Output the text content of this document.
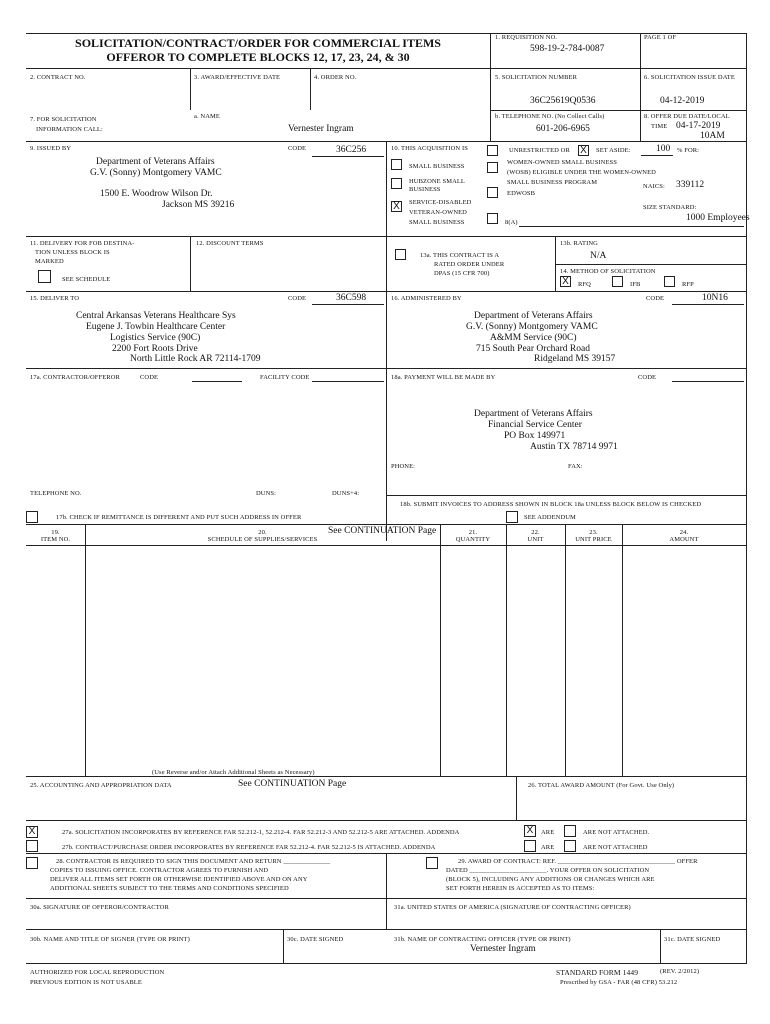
SOLICITATION/CONTRACT/ORDER FOR COMMERCIAL ITEMS
OFFEROR TO COMPLETE BLOCKS 12, 17, 23, 24, & 30
1. REQUISITION NO.
598-19-2-784-0087
PAGE 1 OF
2. CONTRACT NO.	3. AWARD/EFFECTIVE DATE	4. ORDER NO.	5. SOLICITATION NUMBER
36C25619Q0536
6. SOLICITATION ISSUE DATE
04-12-2019
7. FOR SOLICITATION
INFORMATION CALL:
a. NAME
Vernester Ingram
b. TELEPHONE NO. (No Collect Calls)
601-206-6965
8. OFFER DUE DATE/LOCAL
TIME 04-17-2019
10AM
9. ISSUED BY	CODE	36C256
Department of Veterans Affairs
G.V. (Sonny) Montgomery VAMC
1500 E. Woodrow Wilson Dr.
Jackson MS 39216
10. THIS ACQUISITION IS	UNRESTRICTED OR X	SET ASIDE:	100 % FOR:
SMALL BUSINESS
HUBZONE SMALL
BUSINESS
X	SERVICE-DISABLED
VETERAN-OWNED
SMALL BUSINESS
WOMEN-OWNED SMALL BUSINESS
(WOSB) ELIGIBLE UNDER THE WOMEN-OWNED
SMALL BUSINESS PROGRAM
EDWOSB
8(A)
NAICS: 339112
SIZE STANDARD:
1000 Employees
11. DELIVERY FOR FOB DESTINA-
TION UNLESS BLOCK IS
MARKED
SEE SCHEDULE
12. DISCOUNT TERMS
13a. THIS CONTRACT IS A
RATED ORDER UNDER
DPAS (15 CFR 700)
13b. RATING
N/A
14. METHOD OF SOLICITATION
X	RFQ	IFB	RFP
15. DELIVER TO	CODE	36C598
Central Arkansas Veterans Healthcare Sys
Eugene J. Towbin Healthcare Center
Logistics Service (90C)
2200 Fort Roots Drive
North Little Rock AR 72114-1709
16. ADMINISTERED BY	CODE	10N16
Department of Veterans Affairs
G.V. (Sonny) Montgomery VAMC
A&MM Service (90C)
715 South Pear Orchard Road
Ridgeland MS 39157
17a. CONTRACTOR/OFFEROR	CODE	FACILITY CODE
TELEPHONE NO.	DUNS:	DUNS+4:
17b. CHECK IF REMITTANCE IS DIFFERENT AND PUT SUCH ADDRESS IN OFFER
18a. PAYMENT WILL BE MADE BY	CODE
Department of Veterans Affairs
Financial Service Center
PO Box 149971
Austin TX 78714 9971
PHONE:	FAX:
18b. SUBMIT INVOICES TO ADDRESS SHOWN IN BLOCK 18a UNLESS BLOCK BELOW IS CHECKED
SEE ADDENDUM
19.
ITEM NO.
20.
SCHEDULE OF SUPPLIES/SERVICES
See CONTINUATION Page	21.
QUANTITY
22.
UNIT
23.
UNIT PRICE
24.
AMOUNT
(Use Reverse and/or Attach Additional Sheets as Necessary)
25. ACCOUNTING AND APPROPRIATION DATA	See CONTINUATION Page	26. TOTAL AWARD AMOUNT (For Govt. Use Only)
X	27a. SOLICITATION INCORPORATES BY REFERENCE FAR 52.212-1, 52.212-4. FAR 52.212-3 AND 52.212-5 ARE ATTACHED. ADDENDA	X	ARE	ARE NOT ATTACHED.
27b. CONTRACT/PURCHASE ORDER INCORPORATES BY REFERENCE FAR 52.212-4. FAR 52.212-5 IS ATTACHED. ADDENDA	ARE	ARE NOT ATTACHED
28. CONTRACTOR IS REQUIRED TO SIGN THIS DOCUMENT AND RETURN ______________
COPIES TO ISSUING OFFICE. CONTRACTOR AGREES TO FURNISH AND
DELIVER ALL ITEMS SET FORTH OR OTHERWISE IDENTIFIED ABOVE AND ON ANY
ADDITIONAL SHEETS SUBJECT TO THE TERMS AND CONDITIONS SPECIFIED
29. AWARD OF CONTRACT: REF. ___________________________________ OFFER
DATED _______________________. YOUR OFFER ON SOLICITATION
(BLOCK 5), INCLUDING ANY ADDITIONS OR CHANGES WHICH ARE
SET FORTH HEREIN IS ACCEPTED AS TO ITEMS:
30a. SIGNATURE OF OFFEROR/CONTRACTOR	31a. UNITED STATES OF AMERICA (SIGNATURE OF CONTRACTING OFFICER)
30b. NAME AND TITLE OF SIGNER (TYPE OR PRINT)	30c. DATE SIGNED	31b. NAME OF CONTRACTING OFFICER (TYPE OR PRINT)
Vernester Ingram
31c. DATE SIGNED
AUTHORIZED FOR LOCAL REPRODUCTION
PREVIOUS EDITION IS NOT USABLE
STANDARD FORM 1449	(REV. 2/2012)
Prescribed by GSA - FAR (48 CFR) 53.212
